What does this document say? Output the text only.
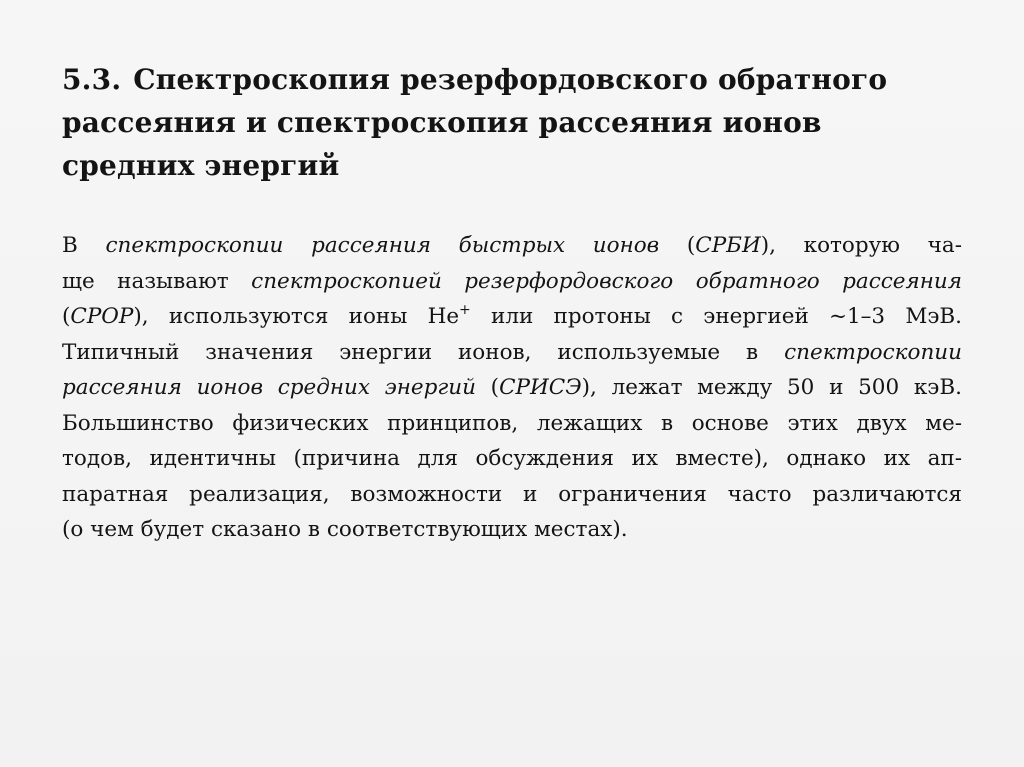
5.3. Спектроскопия резерфордовского обратного
рассеяния и спектроскопия рассеяния ионов
средних энергий

В спектроскопии рассеяния быстрых ионов (СРБИ), которую ча-
ще называют спектроскопией резерфордовского обратного рассеяния
(СРОР), используются ионы He+ или протоны с энергией ~1–3 МэВ.
Типичный значения энергии ионов, используемые в спектроскопии
рассеяния ионов средних энергий (СРИСЭ), лежат между 50 и 500 кэВ.
Большинство физических принципов, лежащих в основе этих двух ме-
тодов, идентичны (причина для обсуждения их вместе), однако их ап-
паратная реализация, возможности и ограничения часто различаются
(о чем будет сказано в соответствующих местах).
